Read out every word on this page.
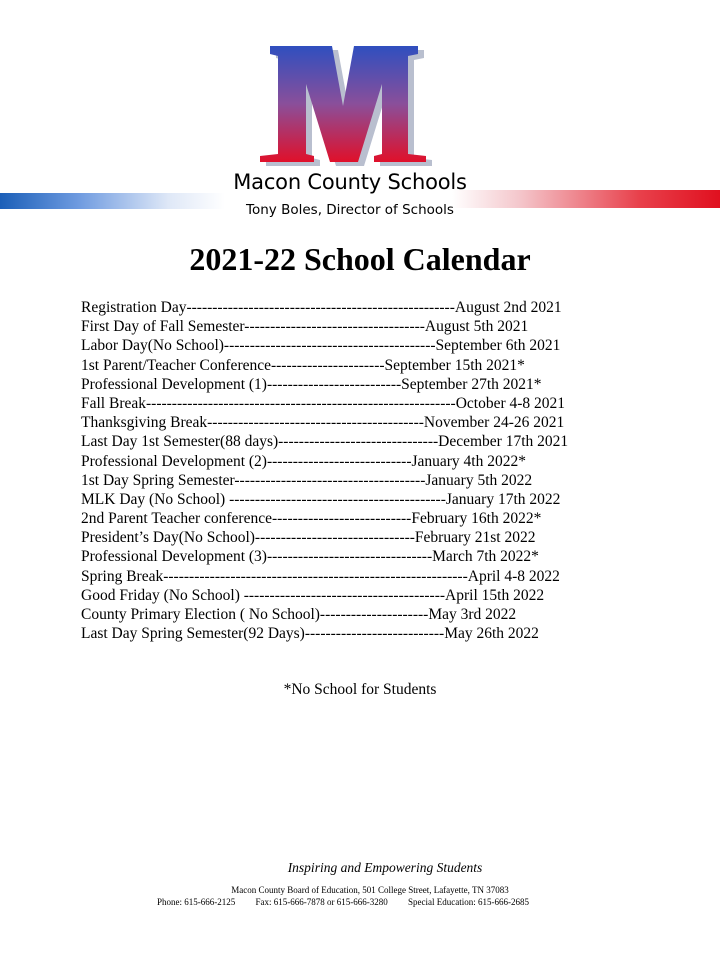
Macon County Schools
Tony Boles, Director of Schools
2021-22 School Calendar
Registration Day----------------------------------------------------August 2nd 2021
First Day of Fall Semester-----------------------------------August 5th 2021
Labor Day(No School)-----------------------------------------September 6th 2021
1st Parent/Teacher Conference----------------------September 15th 2021*
Professional Development (1)--------------------------September 27th 2021*
Fall Break------------------------------------------------------------October 4-8 2021
Thanksgiving Break------------------------------------------November 24-26 2021
Last Day 1st Semester(88 days)-------------------------------December 17th 2021
Professional Development (2)----------------------------January 4th 2022*
1st Day Spring Semester-------------------------------------January 5th 2022
MLK Day (No School) ------------------------------------------January 17th 2022
2nd Parent Teacher conference---------------------------February 16th 2022*
President’s Day(No School)-------------------------------February 21st 2022
Professional Development (3)--------------------------------March 7th 2022*
Spring Break-----------------------------------------------------------April 4-8 2022
Good Friday (No School) ---------------------------------------April 15th 2022
County Primary Election ( No School)---------------------May 3rd 2022
Last Day Spring Semester(92 Days)---------------------------May 26th 2022
*No School for Students
Inspiring and Empowering Students
Macon County Board of Education, 501 College Street, Lafayette, TN 37083
Phone: 615-666-2125 Fax: 615-666-7878 or 615-666-3280 Special Education: 615-666-2685
